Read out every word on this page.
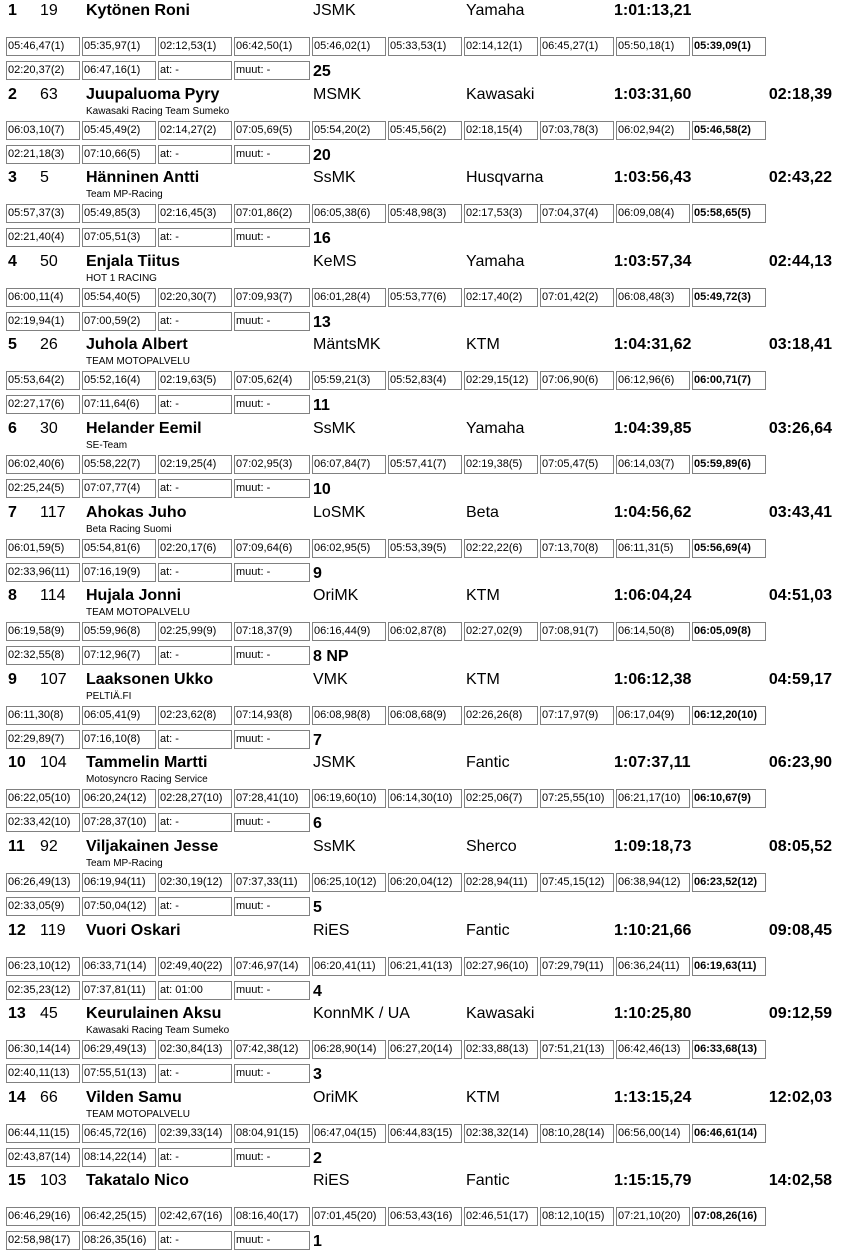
1 19 Kytönen Roni	JSMK	Yamaha	1:01:13,21
05:46,47(1)	05:35,97(1)	02:12,53(1)	06:42,50(1)	05:46,02(1)	05:33,53(1)	02:14,12(1)	06:45,27(1)	05:50,18(1)	05:39,09(1)
02:20,37(2)	06:47,16(1)	at: -	muut: -	25
2 63 Juupaluoma Pyry	MSMK	Kawasaki	1:03:31,60	02:18,39
Kawasaki Racing Team Sumeko
06:03,10(7)	05:45,49(2)	02:14,27(2)	07:05,69(5)	05:54,20(2)	05:45,56(2)	02:18,15(4)	07:03,78(3)	06:02,94(2)	05:46,58(2)
02:21,18(3)	07:10,66(5)	at: -	muut: -	20
3 5 Hänninen Antti	SsMK	Husqvarna	1:03:56,43	02:43,22
Team MP-Racing
05:57,37(3)	05:49,85(3)	02:16,45(3)	07:01,86(2)	06:05,38(6)	05:48,98(3)	02:17,53(3)	07:04,37(4)	06:09,08(4)	05:58,65(5)
02:21,40(4)	07:05,51(3)	at: -	muut: -	16
4 50 Enjala Tiitus	KeMS	Yamaha	1:03:57,34	02:44,13
HOT 1 RACING
06:00,11(4)	05:54,40(5)	02:20,30(7)	07:09,93(7)	06:01,28(4)	05:53,77(6)	02:17,40(2)	07:01,42(2)	06:08,48(3)	05:49,72(3)
02:19,94(1)	07:00,59(2)	at: -	muut: -	13
5 26 Juhola Albert	MäntsMK	KTM	1:04:31,62	03:18,41
TEAM MOTOPALVELU
05:53,64(2)	05:52,16(4)	02:19,63(5)	07:05,62(4)	05:59,21(3)	05:52,83(4)	02:29,15(12)	07:06,90(6)	06:12,96(6)	06:00,71(7)
02:27,17(6)	07:11,64(6)	at: -	muut: -	11
6 30 Helander Eemil	SsMK	Yamaha	1:04:39,85	03:26,64
SE-Team
06:02,40(6)	05:58,22(7)	02:19,25(4)	07:02,95(3)	06:07,84(7)	05:57,41(7)	02:19,38(5)	07:05,47(5)	06:14,03(7)	05:59,89(6)
02:25,24(5)	07:07,77(4)	at: -	muut: -	10
7 117 Ahokas Juho	LoSMK	Beta	1:04:56,62	03:43,41
Beta Racing Suomi
06:01,59(5)	05:54,81(6)	02:20,17(6)	07:09,64(6)	06:02,95(5)	05:53,39(5)	02:22,22(6)	07:13,70(8)	06:11,31(5)	05:56,69(4)
02:33,96(11)	07:16,19(9)	at: -	muut: -	9
8 114 Hujala Jonni	OriMK	KTM	1:06:04,24	04:51,03
TEAM MOTOPALVELU
06:19,58(9)	05:59,96(8)	02:25,99(9)	07:18,37(9)	06:16,44(9)	06:02,87(8)	02:27,02(9)	07:08,91(7)	06:14,50(8)	06:05,09(8)
02:32,55(8)	07:12,96(7)	at: -	muut: -	8 NP
9 107 Laaksonen Ukko	VMK	KTM	1:06:12,38	04:59,17
PELTIÄ.FI
06:11,30(8)	06:05,41(9)	02:23,62(8)	07:14,93(8)	06:08,98(8)	06:08,68(9)	02:26,26(8)	07:17,97(9)	06:17,04(9)	06:12,20(10)
02:29,89(7)	07:16,10(8)	at: -	muut: -	7
10 104 Tammelin Martti	JSMK	Fantic	1:07:37,11	06:23,90
Motosyncro Racing Service
06:22,05(10)	06:20,24(12)	02:28,27(10)	07:28,41(10)	06:19,60(10)	06:14,30(10)	02:25,06(7)	07:25,55(10)	06:21,17(10)	06:10,67(9)
02:33,42(10)	07:28,37(10)	at: -	muut: -	6
11 92 Viljakainen Jesse	SsMK	Sherco	1:09:18,73	08:05,52
Team MP-Racing
06:26,49(13)	06:19,94(11)	02:30,19(12)	07:37,33(11)	06:25,10(12)	06:20,04(12)	02:28,94(11)	07:45,15(12)	06:38,94(12)	06:23,52(12)
02:33,05(9)	07:50,04(12)	at: -	muut: -	5
12 119 Vuori Oskari	RiES	Fantic	1:10:21,66	09:08,45
06:23,10(12)	06:33,71(14)	02:49,40(22)	07:46,97(14)	06:20,41(11)	06:21,41(13)	02:27,96(10)	07:29,79(11)	06:36,24(11)	06:19,63(11)
02:35,23(12)	07:37,81(11)	at: 01:00	muut: -	4
13 45 Keurulainen Aksu	KonnMK / UA	Kawasaki	1:10:25,80	09:12,59
Kawasaki Racing Team Sumeko
06:30,14(14)	06:29,49(13)	02:30,84(13)	07:42,38(12)	06:28,90(14)	06:27,20(14)	02:33,88(13)	07:51,21(13)	06:42,46(13)	06:33,68(13)
02:40,11(13)	07:55,51(13)	at: -	muut: -	3
14 66 Vilden Samu	OriMK	KTM	1:13:15,24	12:02,03
TEAM MOTOPALVELU
06:44,11(15)	06:45,72(16)	02:39,33(14)	08:04,91(15)	06:47,04(15)	06:44,83(15)	02:38,32(14)	08:10,28(14)	06:56,00(14)	06:46,61(14)
02:43,87(14)	08:14,22(14)	at: -	muut: -	2
15 103 Takatalo Nico	RiES	Fantic	1:15:15,79	14:02,58
06:46,29(16)	06:42,25(15)	02:42,67(16)	08:16,40(17)	07:01,45(20)	06:53,43(16)	02:46,51(17)	08:12,10(15)	07:21,10(20)	07:08,26(16)
02:58,98(17)	08:26,35(16)	at: -	muut: -	1
